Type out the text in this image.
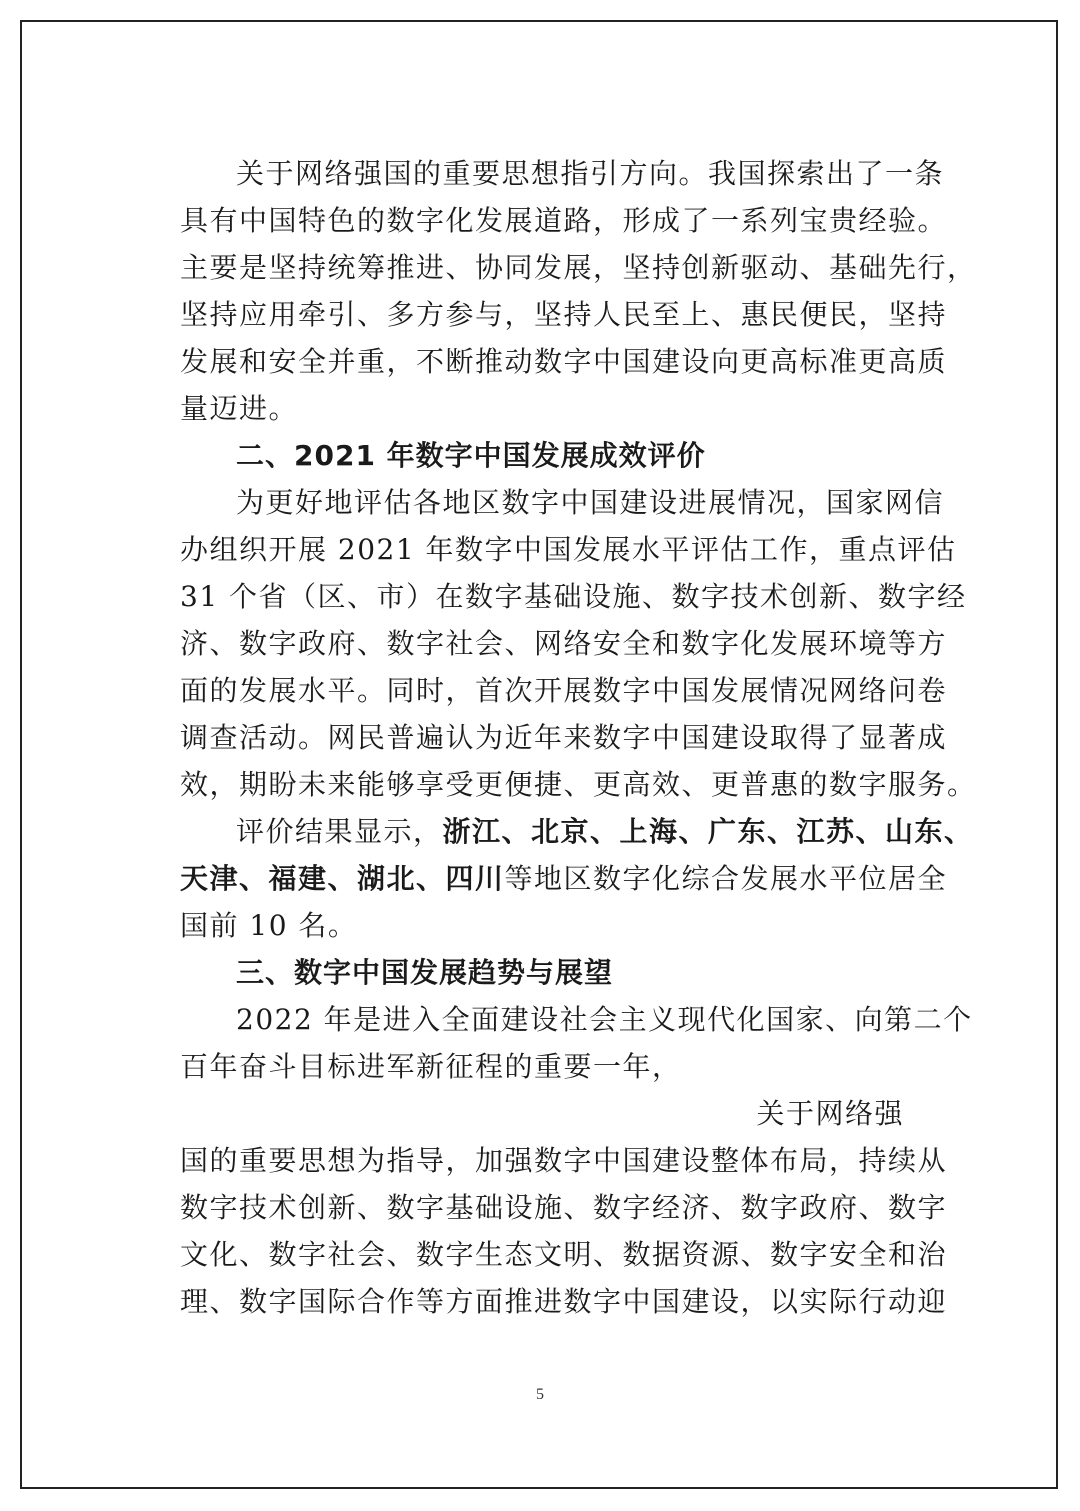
关于网络强国的重要思想指引方向。我国探索出了一条
具有中国特色的数字化发展道路，形成了一系列宝贵经验。
主要是坚持统筹推进、协同发展，坚持创新驱动、基础先行，
坚持应用牵引、多方参与，坚持人民至上、惠民便民，坚持
发展和安全并重，不断推动数字中国建设向更高标准更高质
量迈进。
二、2021 年数字中国发展成效评价
为更好地评估各地区数字中国建设进展情况，国家网信
办组织开展 2021 年数字中国发展水平评估工作，重点评估
31 个省（区、市）在数字基础设施、数字技术创新、数字经
济、数字政府、数字社会、网络安全和数字化发展环境等方
面的发展水平。同时，首次开展数字中国发展情况网络问卷
调查活动。网民普遍认为近年来数字中国建设取得了显著成
效，期盼未来能够享受更便捷、更高效、更普惠的数字服务。
评价结果显示，浙江、北京、上海、广东、江苏、山东、
天津、福建、湖北、四川等地区数字化综合发展水平位居全
国前 10 名。
三、数字中国发展趋势与展望
2022 年是进入全面建设社会主义现代化国家、向第二个
百年奋斗目标进军新征程的重要一年，
关于网络强
国的重要思想为指导，加强数字中国建设整体布局，持续从
数字技术创新、数字基础设施、数字经济、数字政府、数字
文化、数字社会、数字生态文明、数据资源、数字安全和治
理、数字国际合作等方面推进数字中国建设，以实际行动迎
5
